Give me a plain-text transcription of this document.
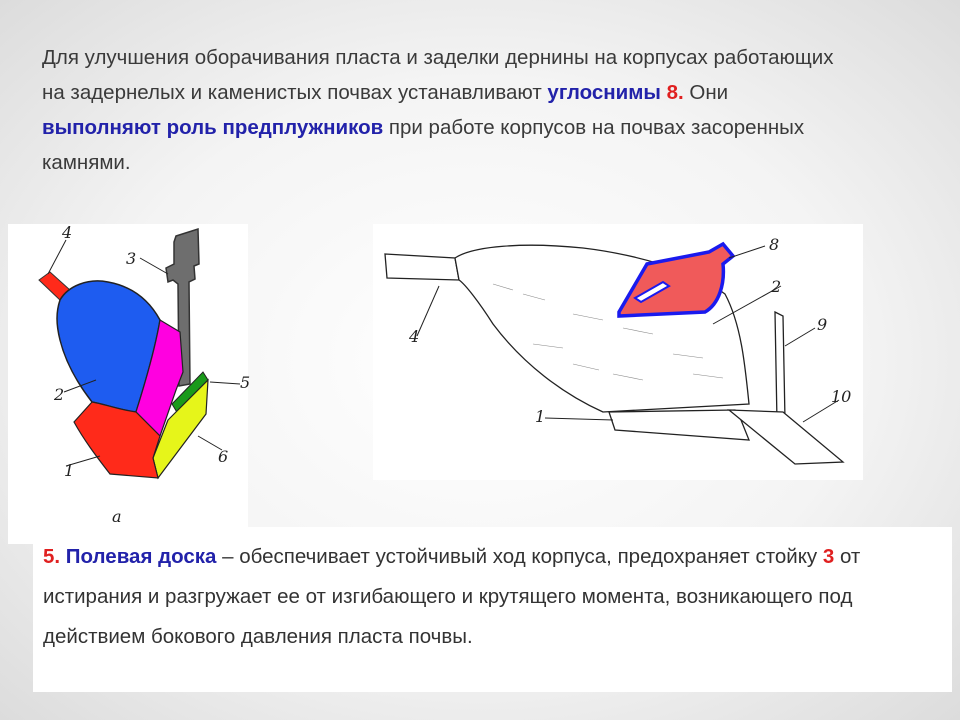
Для улучшения оборачивания пласта и заделки дернины на корпусах работающих на задернелых и каменистых почвах устанавливают углоснимы 8. Они выполняют роль предплужников при работе корпусов на почвах засоренных камнями.
4
3
2
1
5
6
a
8
2
9
4
1
10
5. Полевая доска – обеспечивает устойчивый ход корпуса, предохраняет стойку 3 от истирания и разгружает ее от изгибающего и крутящего момента, возникающего под действием бокового давления пласта почвы.
